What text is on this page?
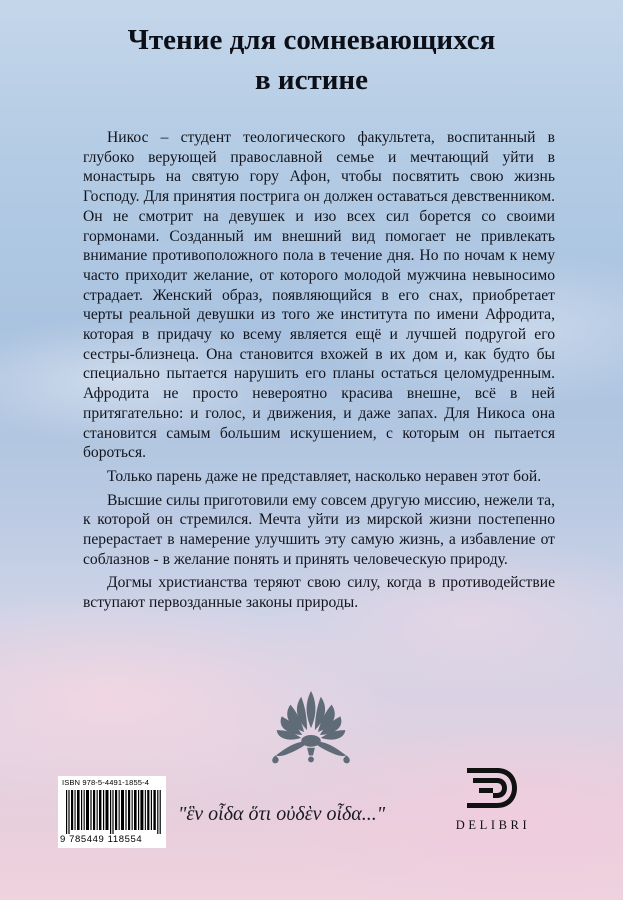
Чтение для сомневающихся
в истине

Никос – студент теологического факультета, воспитанный в глубоко верующей православной семье и мечтающий уйти в монастырь на святую гору Афон, чтобы посвятить свою жизнь Господу. Для принятия пострига он должен оставаться девственником. Он не смотрит на девушек и изо всех сил борется со своими гормонами. Созданный им внешний вид помогает не привлекать внимание противоположного пола в течение дня. Но по ночам к нему часто приходит желание, от которого молодой мужчина невыносимо страдает. Женский образ, появляющийся в его снах, приобретает черты реальной девушки из того же института по имени Афродита, которая в придачу ко всему является ещё и лучшей подругой его сестры-близнеца. Она становится вхожей в их дом и, как будто бы специально пытается нарушить его планы остаться целомудренным. Афродита не просто невероятно красива внешне, всё в ней притягательно: и голос, и движения, и даже запах. Для Никоса она становится самым большим искушением, с которым он пытается бороться.

Только парень даже не представляет, насколько неравен этот бой.

Высшие силы приготовили ему совсем другую миссию, нежели та, к которой он стремился. Мечта уйти из мирской жизни постепенно перерастает в намерение улучшить эту самую жизнь, а избавление от соблазнов - в желание понять и принять человеческую природу.

Догмы христианства теряют свою силу, когда в противодействие вступают первозданные законы природы.

ISBN 978-5-4491-1855-4
9 785449 118554
"ἓν οἶδα ὅτι οὐδὲν οἶδα..."	DELIBRI
